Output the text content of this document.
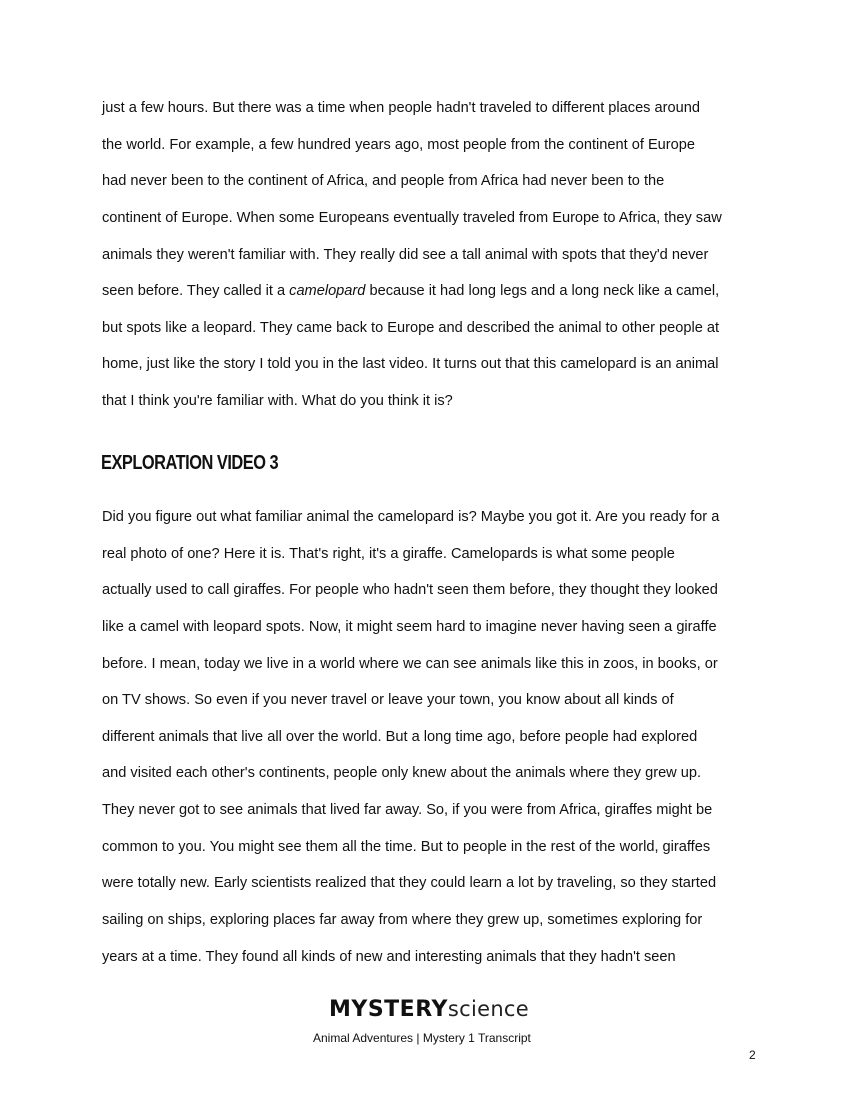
just a few hours. But there was a time when people hadn't traveled to different places around
the world. For example, a few hundred years ago, most people from the continent of Europe
had never been to the continent of Africa, and people from Africa had never been to the
continent of Europe. When some Europeans eventually traveled from Europe to Africa, they saw
animals they weren't familiar with. They really did see a tall animal with spots that they'd never
seen before. They called it a camelopard because it had long legs and a long neck like a camel,
but spots like a leopard. They came back to Europe and described the animal to other people at
home, just like the story I told you in the last video. It turns out that this camelopard is an animal
that I think you're familiar with. What do you think it is?
EXPLORATION VIDEO 3
Did you figure out what familiar animal the camelopard is? Maybe you got it. Are you ready for a
real photo of one? Here it is. That's right, it's a giraffe. Camelopards is what some people
actually used to call giraffes. For people who hadn't seen them before, they thought they looked
like a camel with leopard spots. Now, it might seem hard to imagine never having seen a giraffe
before. I mean, today we live in a world where we can see animals like this in zoos, in books, or
on TV shows. So even if you never travel or leave your town, you know about all kinds of
different animals that live all over the world. But a long time ago, before people had explored
and visited each other's continents, people only knew about the animals where they grew up.
They never got to see animals that lived far away. So, if you were from Africa, giraffes might be
common to you. You might see them all the time. But to people in the rest of the world, giraffes
were totally new. Early scientists realized that they could learn a lot by traveling, so they started
sailing on ships, exploring places far away from where they grew up, sometimes exploring for
years at a time. They found all kinds of new and interesting animals that they hadn't seen
MYSTERYscience
Animal Adventures | Mystery 1 Transcript
2
